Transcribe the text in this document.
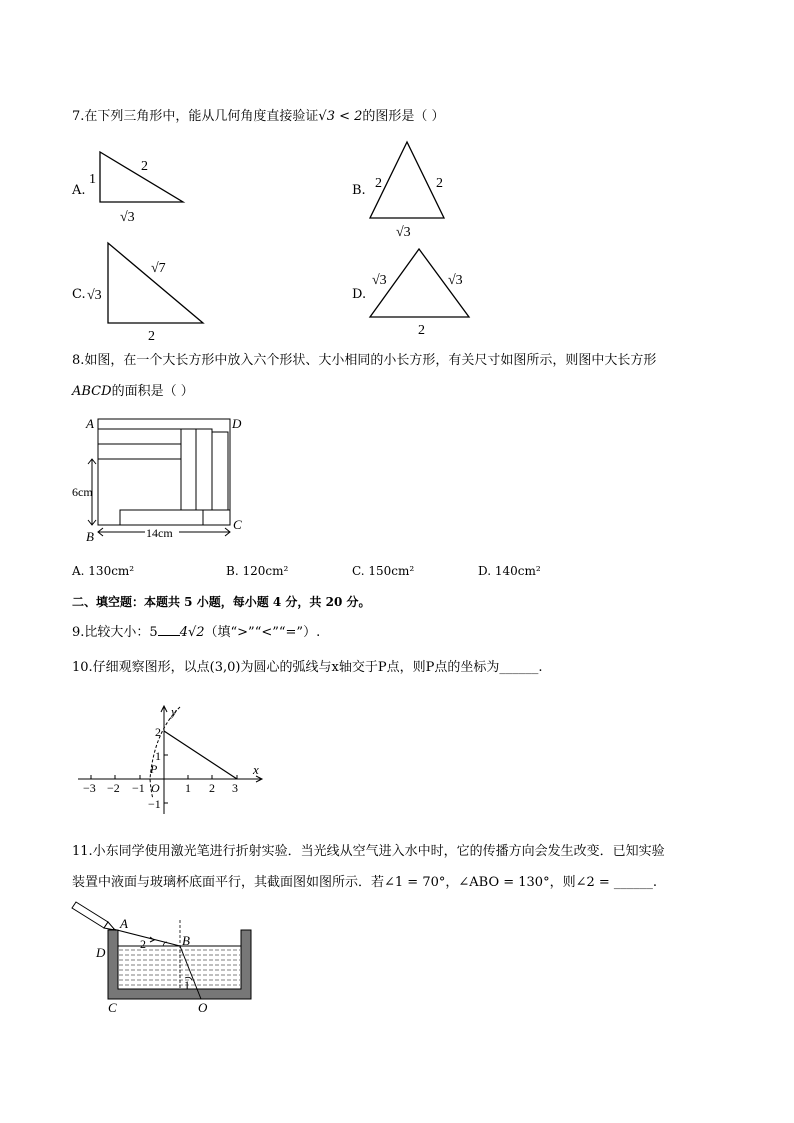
7.在下列三角形中，能从几何角度直接验证√3 < 2的图形是（ ）
A.
1
2
√3
B. 2	2
√3
C. √3
√7
2
D.
√3	√3
2
8.如图，在一个大长方形中放入六个形状、大小相同的小长方形，有关尺寸如图所示，则图中大长方形
ABCD的面积是（ ）
A	D
B
C
6cm
14cm
A. 130cm²	B. 120cm²	C. 150cm²	D. 140cm²
二、填空题：本题共 5 小题，每小题 4 分，共 20 分。
9.比较大小：5 4√2（填“>”“<”“=”）.
10.仔细观察图形，以点(3,0)为圆心的弧线与x轴交于P点，则P点的坐标为______.
x
y
O
P
−3 −2 −1	1 2 3
2
1
−1
11.小东同学使用激光笔进行折射实验．当光线从空气进入水中时，它的传播方向会发生改变．已知实验
装置中液面与玻璃杯底面平行，其截面图如图所示．若∠1 = 70°，∠ABO = 130°，则∠2 = ______.
A
B
D
C	O
2
1
